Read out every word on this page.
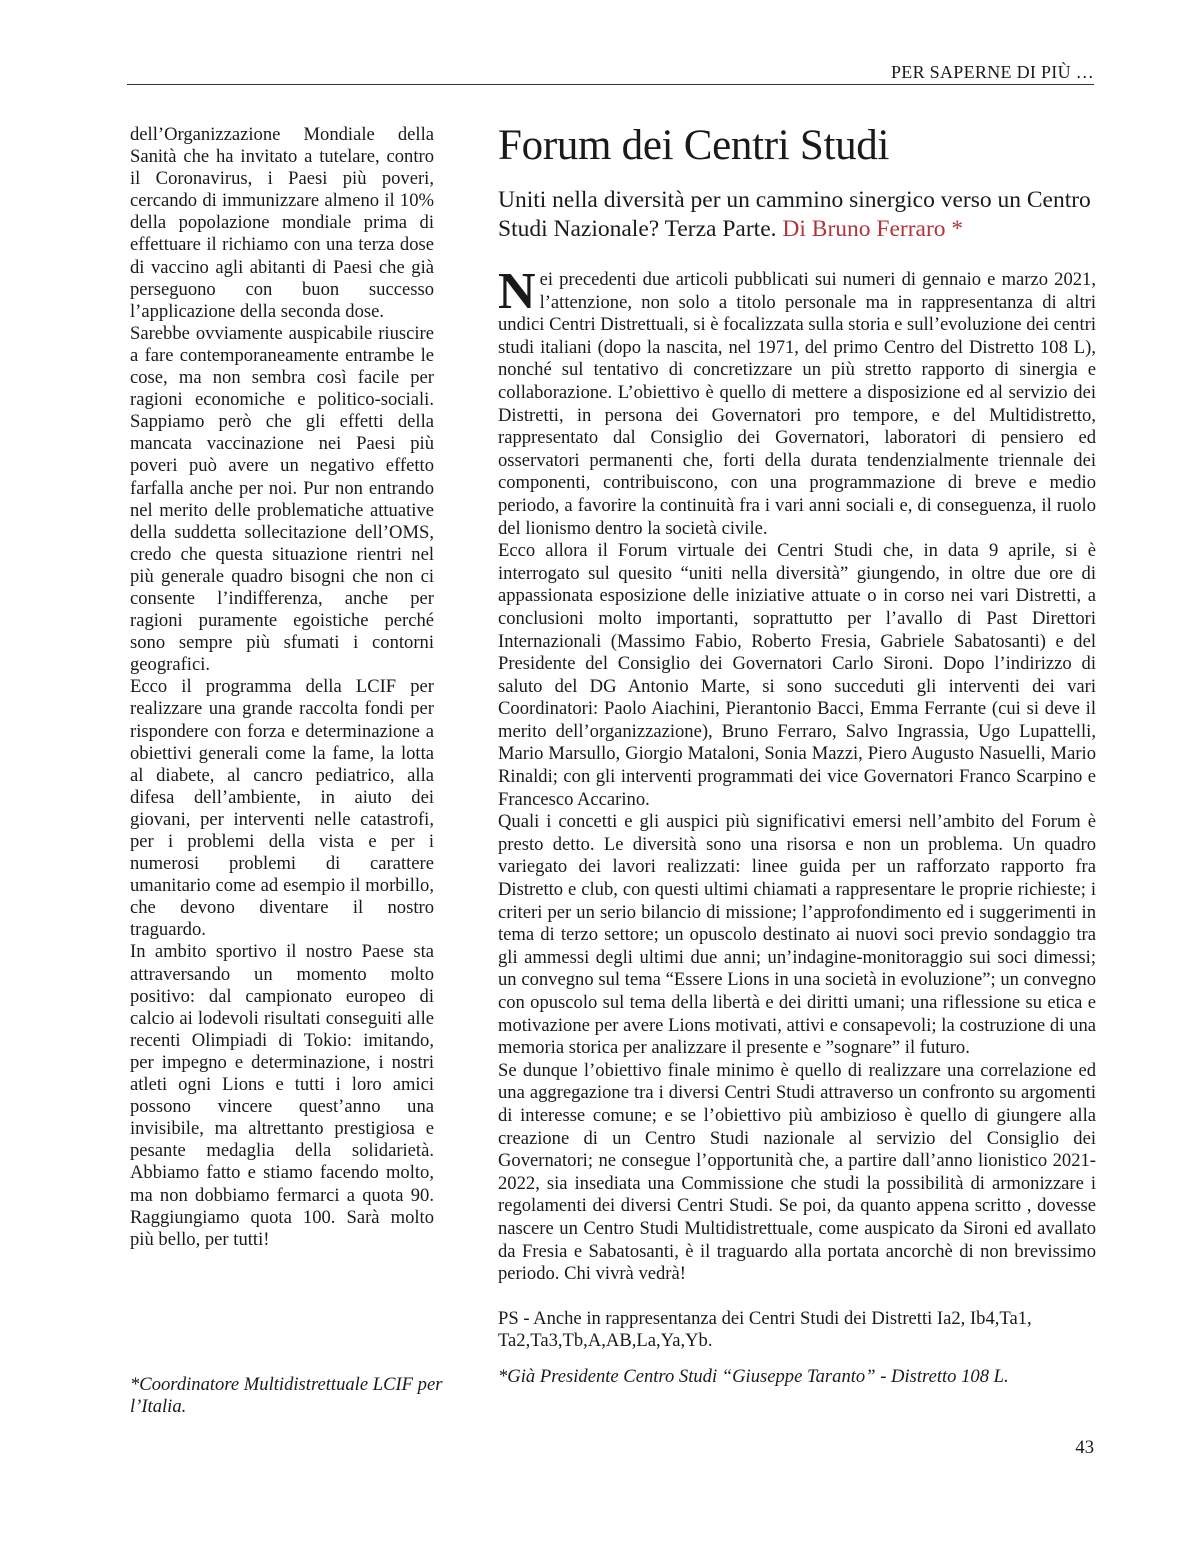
PER SAPERNE DI PIÙ …

dell’Organizzazione Mondiale della Sanità che ha invitato a tutelare, contro il Coronavirus, i Paesi più poveri, cercando di immunizzare almeno il 10% della popolazione mondiale prima di effettuare il richiamo con una terza dose di vaccino agli abitanti di Paesi che già perseguono con buon successo l’applicazione della seconda dose.

Sarebbe ovviamente auspicabile riuscire a fare contemporaneamente entrambe le cose, ma non sembra così facile per ragioni economiche e politico-sociali. Sappiamo però che gli effetti della mancata vaccinazione nei Paesi più poveri può avere un negativo effetto farfalla anche per noi. Pur non entrando nel merito delle problematiche attuative della suddetta sollecitazione dell’OMS, credo che questa situazione rientri nel più generale quadro bisogni che non ci consente l’indifferenza, anche per ragioni puramente egoistiche perché sono sempre più sfumati i contorni geografici.

Ecco il programma della LCIF per realizzare una grande raccolta fondi per rispondere con forza e determinazione a obiettivi generali come la fame, la lotta al diabete, al cancro pediatrico, alla difesa dell’ambiente, in aiuto dei giovani, per interventi nelle catastrofi, per i problemi della vista e per i numerosi problemi di carattere umanitario come ad esempio il morbillo, che devono diventare il nostro traguardo.

In ambito sportivo il nostro Paese sta attraversando un momento molto positivo: dal campionato europeo di calcio ai lodevoli risultati conseguiti alle recenti Olimpiadi di Tokio: imitando, per impegno e determinazione, i nostri atleti ogni Lions e tutti i loro amici possono vincere quest’anno una invisibile, ma altrettanto prestigiosa e pesante medaglia della solidarietà. Abbiamo fatto e stiamo facendo molto, ma non dobbiamo fermarci a quota 90. Raggiungiamo quota 100. Sarà molto più bello, per tutti!

*Coordinatore Multidistrettuale LCIF per l’Italia.
Forum dei Centri Studi
Uniti nella diversità per un cammino sinergico verso un Centro Studi Nazionale? Terza Parte. Di Bruno Ferraro *

Nei precedenti due articoli pubblicati sui numeri di gennaio e marzo 2021, l’attenzione, non solo a titolo personale ma in rappresentanza di altri undici Centri Distrettuali, si è focalizzata sulla storia e sull’evoluzione dei centri studi italiani (dopo la nascita, nel 1971, del primo Centro del Distretto 108 L), nonché sul tentativo di concretizzare un più stretto rapporto di sinergia e collaborazione. L’obiettivo è quello di mettere a disposizione ed al servizio dei Distretti, in persona dei Governatori pro tempore, e del Multidistretto, rappresentato dal Consiglio dei Governatori, laboratori di pensiero ed osservatori permanenti che, forti della durata tendenzialmente triennale dei componenti, contribuiscono, con una programmazione di breve e medio periodo, a favorire la continuità fra i vari anni sociali e, di conseguenza, il ruolo del lionismo dentro la società civile.

Ecco allora il Forum virtuale dei Centri Studi che, in data 9 aprile, si è interrogato sul quesito “uniti nella diversità” giungendo, in oltre due ore di appassionata esposizione delle iniziative attuate o in corso nei vari Distretti, a conclusioni molto importanti, soprattutto per l’avallo di Past Direttori Internazionali (Massimo Fabio, Roberto Fresia, Gabriele Sabatosanti) e del Presidente del Consiglio dei Governatori Carlo Sironi. Dopo l’indirizzo di saluto del DG Antonio Marte, si sono succeduti gli interventi dei vari Coordinatori: Paolo Aiachini, Pierantonio Bacci, Emma Ferrante (cui si deve il merito dell’organizzazione), Bruno Ferraro, Salvo Ingrassia, Ugo Lupattelli, Mario Marsullo, Giorgio Mataloni, Sonia Mazzi, Piero Augusto Nasuelli, Mario Rinaldi; con gli interventi programmati dei vice Governatori Franco Scarpino e Francesco Accarino.

Quali i concetti e gli auspici più significativi emersi nell’ambito del Forum è presto detto. Le diversità sono una risorsa e non un problema. Un quadro variegato dei lavori realizzati: linee guida per un rafforzato rapporto fra Distretto e club, con questi ultimi chiamati a rappresentare le proprie richieste; i criteri per un serio bilancio di missione; l’approfondimento ed i suggerimenti in tema di terzo settore; un opuscolo destinato ai nuovi soci previo sondaggio tra gli ammessi degli ultimi due anni; un’indagine-monitoraggio sui soci dimessi; un convegno sul tema “Essere Lions in una società in evoluzione”; un convegno con opuscolo sul tema della libertà e dei diritti umani; una riflessione su etica e motivazione per avere Lions motivati, attivi e consapevoli; la costruzione di una memoria storica per analizzare il presente e ”sognare” il futuro.

Se dunque l’obiettivo finale minimo è quello di realizzare una correlazione ed una aggregazione tra i diversi Centri Studi attraverso un confronto su argomenti di interesse comune; e se l’obiettivo più ambizioso è quello di giungere alla creazione di un Centro Studi nazionale al servizio del Consiglio dei Governatori; ne consegue l’opportunità che, a partire dall’anno lionistico 2021-2022, sia insediata una Commissione che studi la possibilità di armonizzare i regolamenti dei diversi Centri Studi. Se poi, da quanto appena scritto , dovesse nascere un Centro Studi Multidistrettuale, come auspicato da Sironi ed avallato da Fresia e Sabatosanti, è il traguardo alla portata ancorchè di non brevissimo periodo. Chi vivrà vedrà!

PS - Anche in rappresentanza dei Centri Studi dei Distretti Ia2, Ib4,Ta1, Ta2,Ta3,Tb,A,AB,La,Ya,Yb.
*Già Presidente Centro Studi “Giuseppe Taranto” - Distretto 108 L.
43
